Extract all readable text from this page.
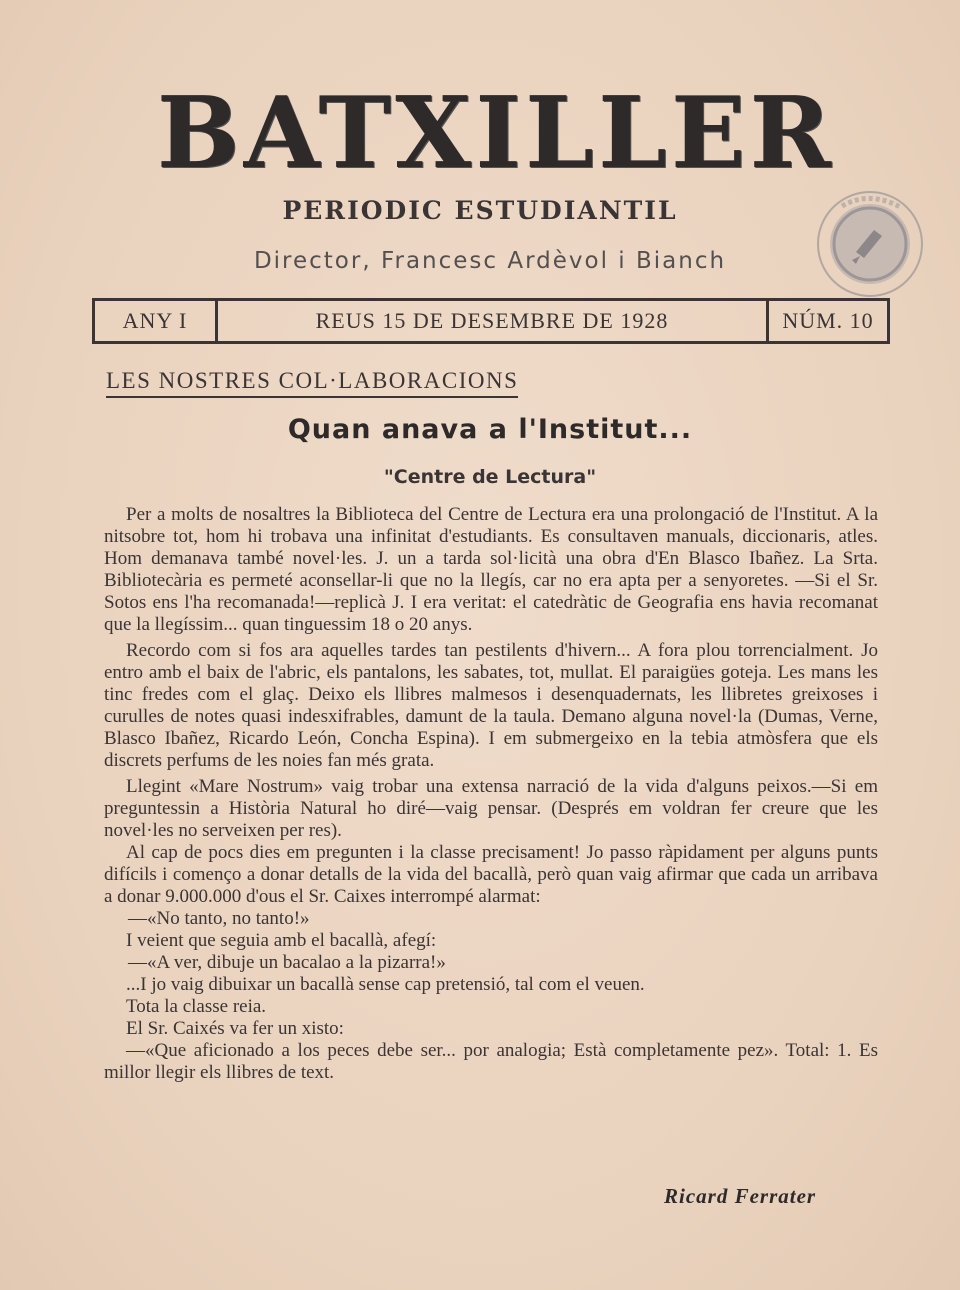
BATXILLER
PERIODIC ESTUDIANTIL
Director, Francesc Ardèvol i Bianch
ANY I	REUS 15 DE DESEMBRE DE 1928	NÚM. 10
LES NOSTRES COL·LABORACIONS
Quan anava a l'Institut...
"Centre de Lectura"

Per a molts de nosaltres la Biblioteca del Centre de Lectura era una prolongació de l'Institut. A la nitsobre tot, hom hi trobava una infinitat d'estudiants. Es consultaven manuals, diccionaris, atles. Hom demanava també novel·les. J. un a tarda sol·licità una obra d'En Blasco Ibañez. La Srta. Bibliotecària es permeté aconsellar-li que no la llegís, car no era apta per a senyoretes. —Si el Sr. Sotos ens l'ha recomanada!—replicà J. I era veritat: el catedràtic de Geografia ens havia recomanat que la llegíssim... quan tinguessim 18 o 20 anys.

Recordo com si fos ara aquelles tardes tan pestilents d'hivern... A fora plou torrencialment. Jo entro amb el baix de l'abric, els pantalons, les sabates, tot, mullat. El paraigües goteja. Les mans les tinc fredes com el glaç. Deixo els llibres malmesos i desenquadernats, les llibretes greixoses i curulles de notes quasi indesxifrables, damunt de la taula. Demano alguna novel·la (Dumas, Verne, Blasco Ibañez, Ricardo León, Concha Espina). I em submergeixo en la tebia atmòsfera que els discrets perfums de les noies fan més grata.

Llegint «Mare Nostrum» vaig trobar una extensa narració de la vida d'alguns peixos.—Si em preguntessin a Història Natural ho diré—vaig pensar. (Després em voldran fer creure que les novel·les no serveixen per res).

Al cap de pocs dies em pregunten i la classe precisament! Jo passo ràpidament per alguns punts difícils i començo a donar detalls de la vida del bacallà, però quan vaig afirmar que cada un arribava a donar 9.000.000 d'ous el Sr. Caixes interrompé alarmat:

—«No tanto, no tanto!»

I veient que seguia amb el bacallà, afegí:

—«A ver, dibuje un bacalao a la pizarra!»

...I jo vaig dibuixar un bacallà sense cap pretensió, tal com el veuen.

Tota la classe reia.

El Sr. Caixés va fer un xisto:

—«Que aficionado a los peces debe ser... por analogia; Està completamente pez». Total: 1. Es millor llegir els llibres de text.

Ricard Ferrater
